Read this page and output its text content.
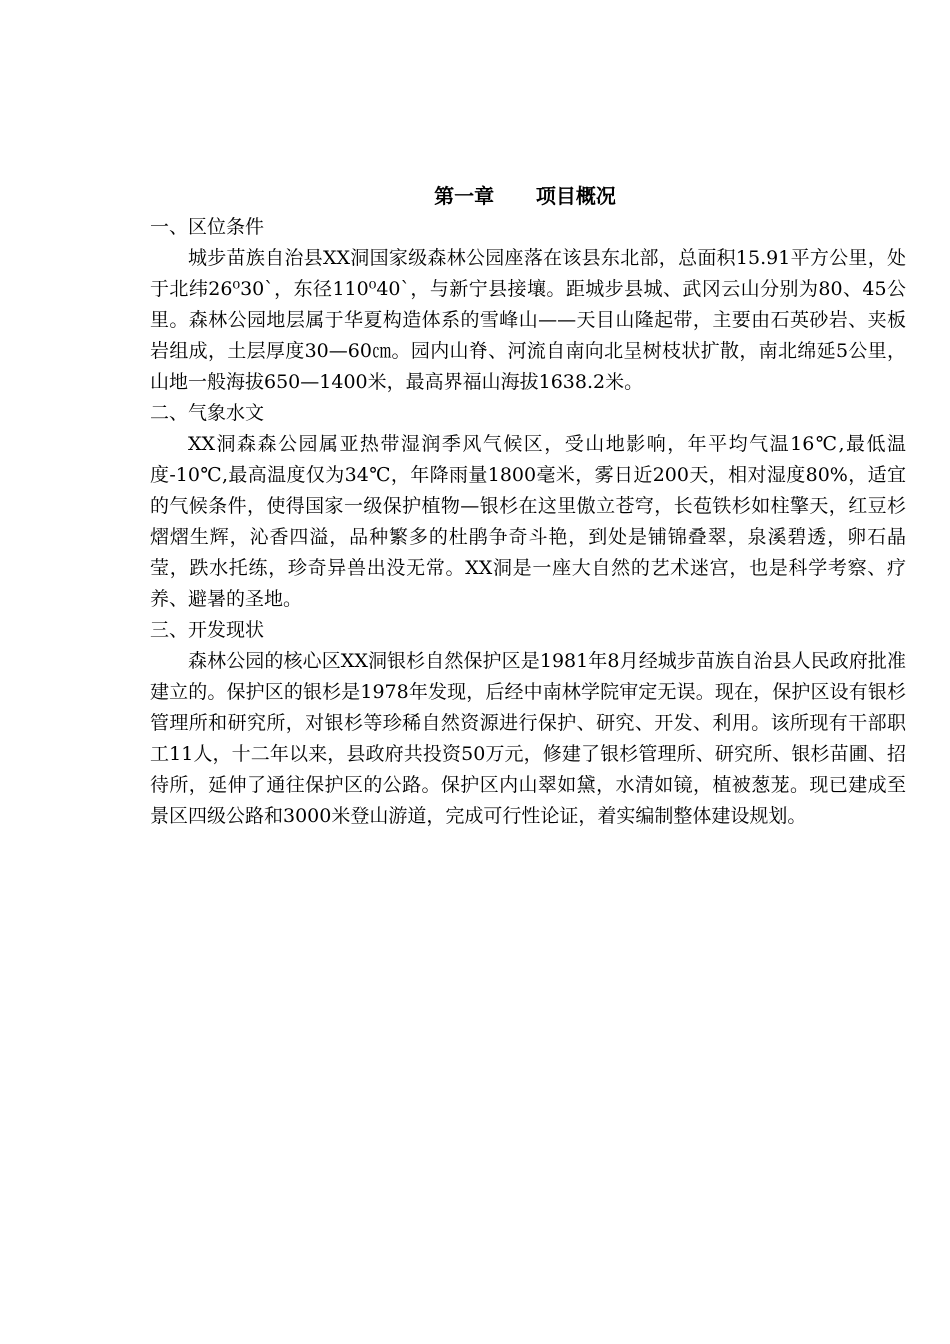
第一章      项目概况

一、区位条件

城步苗族自治县XX洞国家级森林公园座落在该县东北部，总面积15.91平方公里，处于北纬26⁰30`，东径110⁰40`，与新宁县接壤。距城步县城、武冈云山分别为80、45公里。森林公园地层属于华夏构造体系的雪峰山——天目山隆起带，主要由石英砂岩、夹板岩组成，土层厚度30—60㎝。园内山脊、河流自南向北呈树枝状扩散，南北绵延5公里，山地一般海拔650—1400米，最高界福山海拔1638.2米。

二、气象水文

XX洞森森公园属亚热带湿润季风气候区，受山地影响，年平均气温16℃,最低温度-10℃,最高温度仅为34℃，年降雨量1800毫米，雾日近200天，相对湿度80%，适宜的气候条件，使得国家一级保护植物—银杉在这里傲立苍穹，长苞铁杉如柱擎天，红豆杉熠熠生辉，沁香四溢，品种繁多的杜鹃争奇斗艳，到处是铺锦叠翠，泉溪碧透，卵石晶莹，跌水托练，珍奇异兽出没无常。XX洞是一座大自然的艺术迷宫，也是科学考察、疗养、避暑的圣地。

三、开发现状

森林公园的核心区XX洞银杉自然保护区是1981年8月经城步苗族自治县人民政府批准建立的。保护区的银杉是1978年发现，后经中南林学院审定无误。现在，保护区设有银杉管理所和研究所，对银杉等珍稀自然资源进行保护、研究、开发、利用。该所现有干部职工11人，十二年以来，县政府共投资50万元，修建了银杉管理所、研究所、银杉苗圃、招待所，延伸了通往保护区的公路。保护区内山翠如黛，水清如镜，植被葱茏。现已建成至景区四级公路和3000米登山游道，完成可行性论证，着实编制整体建设规划。
